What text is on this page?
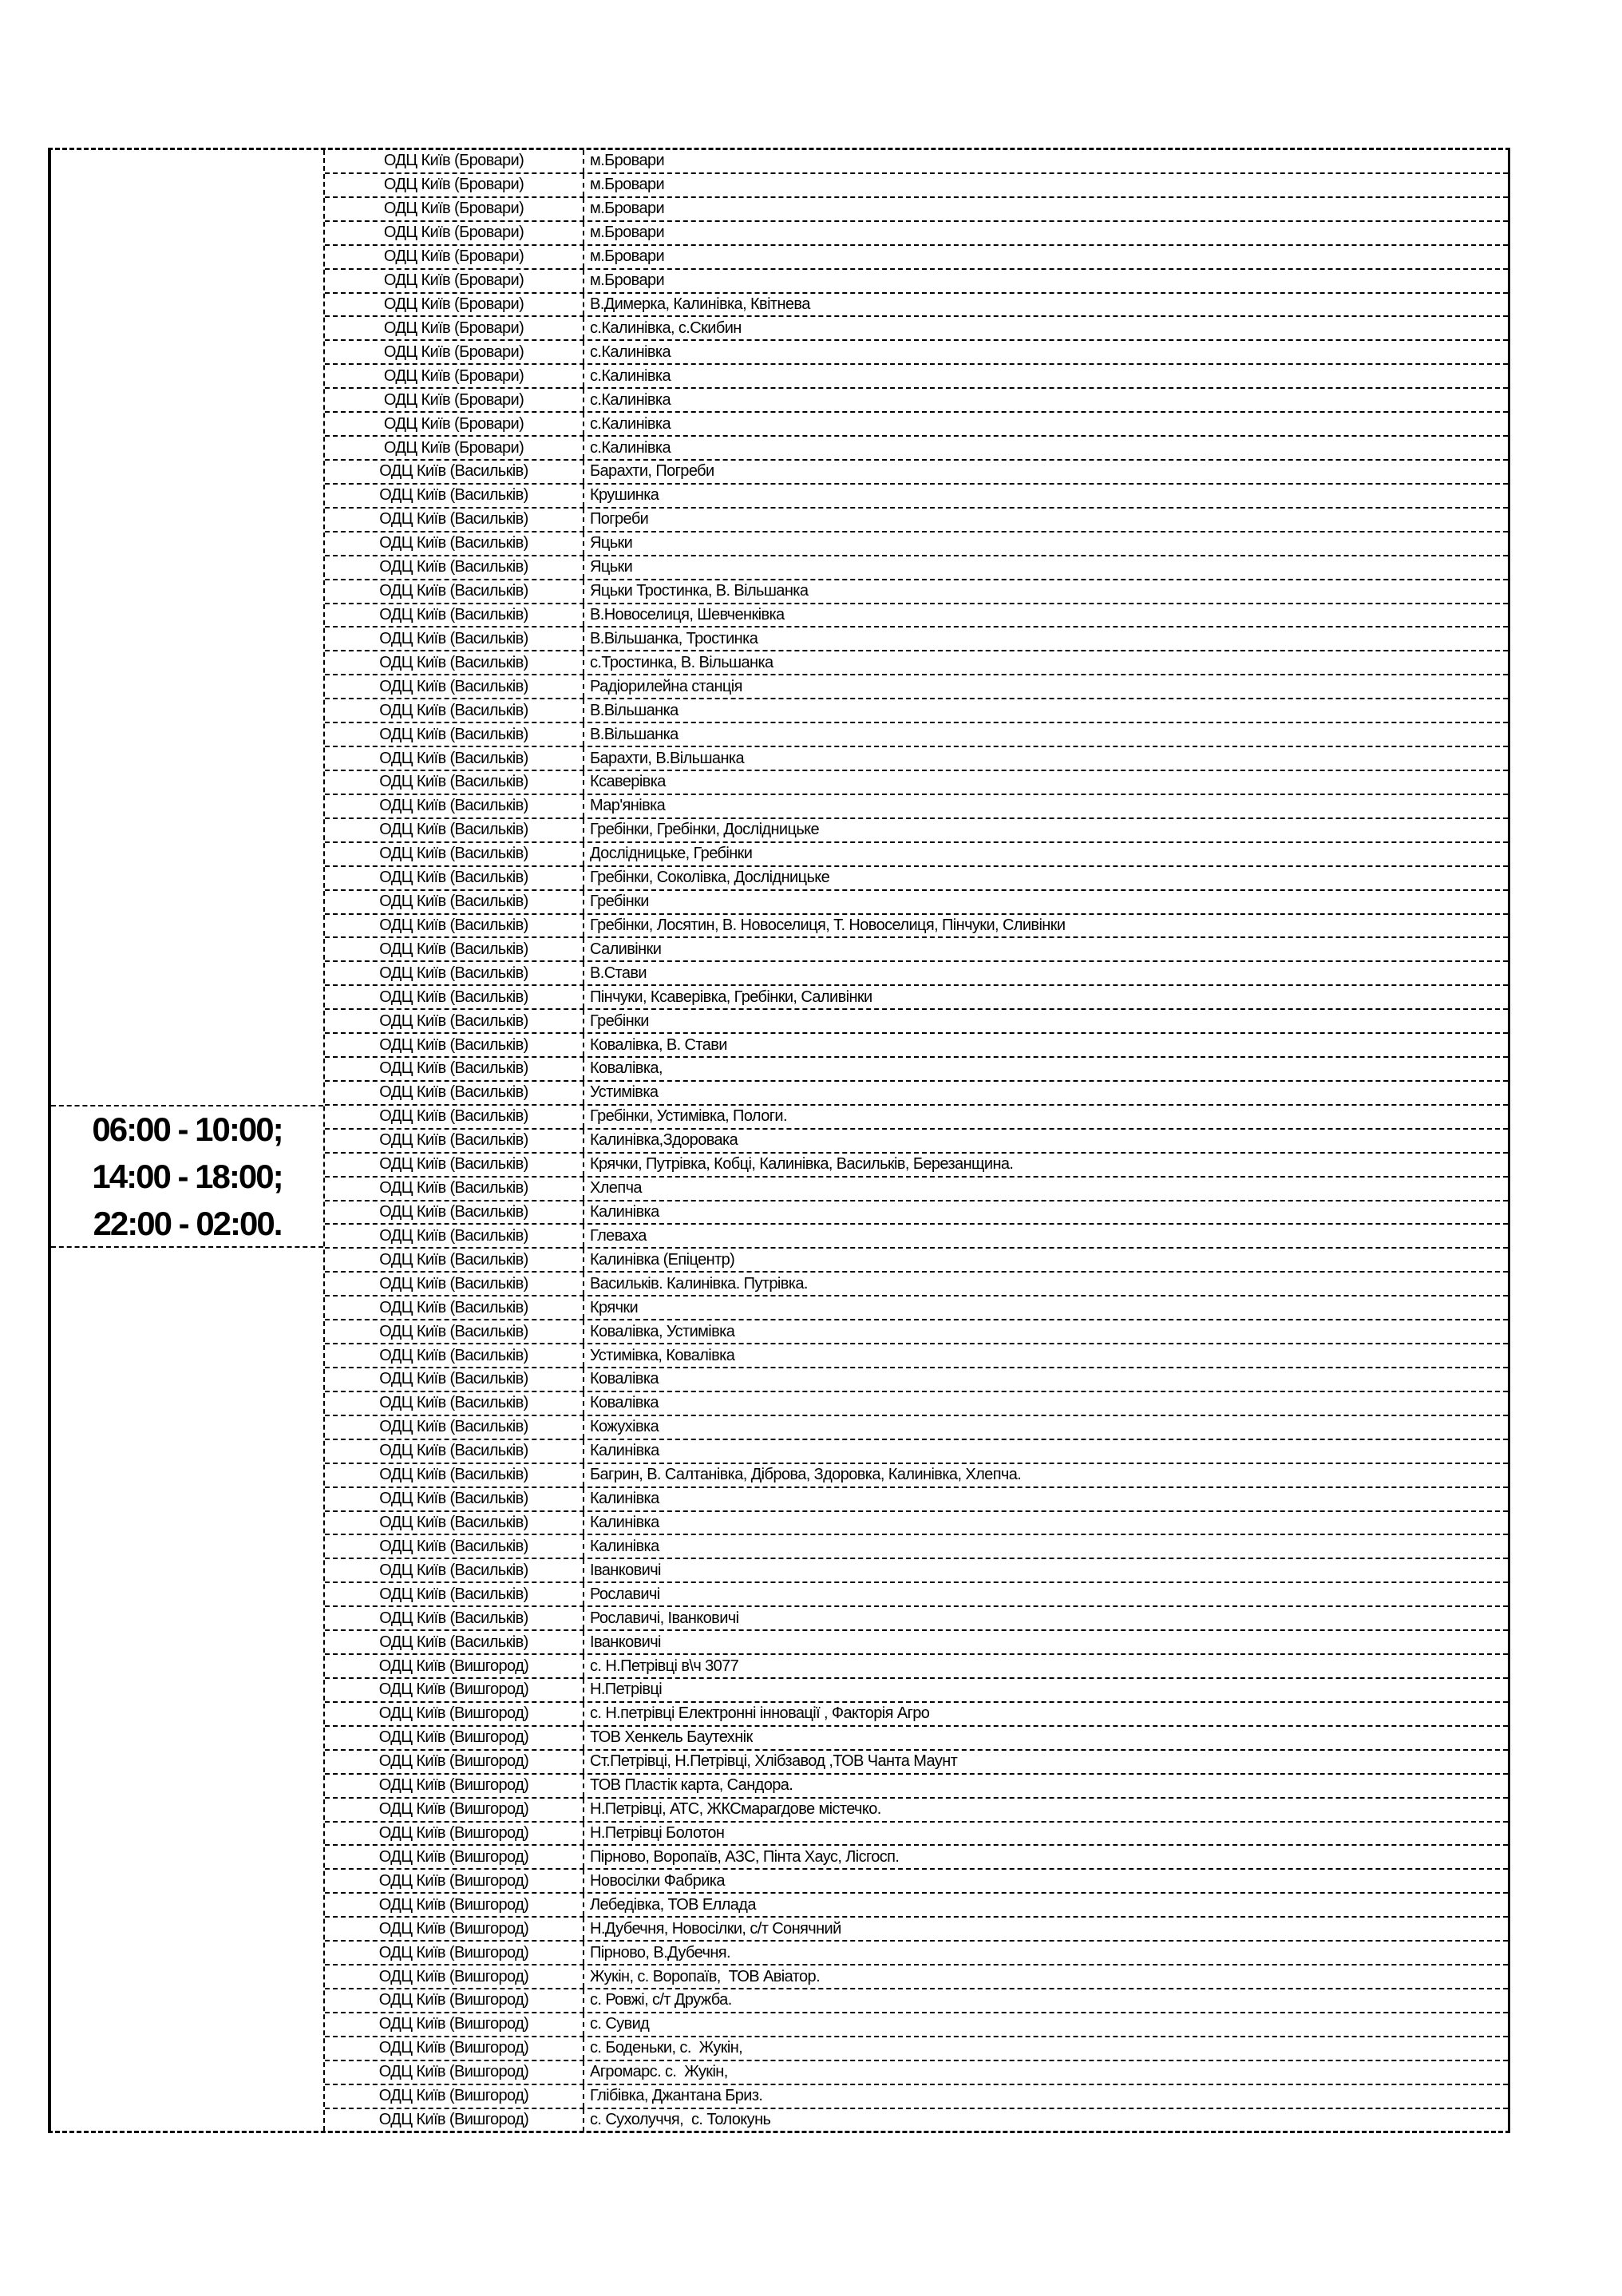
06:00 - 10:00;
14:00 - 18:00;
22:00 - 02:00.
ОДЦ Київ (Бровари)	м.Бровари
ОДЦ Київ (Бровари)	м.Бровари
ОДЦ Київ (Бровари)	м.Бровари
ОДЦ Київ (Бровари)	м.Бровари
ОДЦ Київ (Бровари)	м.Бровари
ОДЦ Київ (Бровари)	м.Бровари
ОДЦ Київ (Бровари)	В.Димерка, Калинівка, Квітнева
ОДЦ Київ (Бровари)	с.Калинівка, с.Скибин
ОДЦ Київ (Бровари)	с.Калинівка
ОДЦ Київ (Бровари)	с.Калинівка
ОДЦ Київ (Бровари)	с.Калинівка
ОДЦ Київ (Бровари)	с.Калинівка
ОДЦ Київ (Бровари)	с.Калинівка
ОДЦ Київ (Васильків)	Барахти, Погреби
ОДЦ Київ (Васильків)	Крушинка
ОДЦ Київ (Васильків)	Погреби
ОДЦ Київ (Васильків)	Яцьки
ОДЦ Київ (Васильків)	Яцьки
ОДЦ Київ (Васильків)	Яцьки Тростинка, В. Вільшанка
ОДЦ Київ (Васильків)	В.Новоселиця, Шевченківка
ОДЦ Київ (Васильків)	В.Вільшанка, Тростинка
ОДЦ Київ (Васильків)	с.Тростинка, В. Вільшанка
ОДЦ Київ (Васильків)	Радіорилейна станція
ОДЦ Київ (Васильків)	В.Вільшанка
ОДЦ Київ (Васильків)	В.Вільшанка
ОДЦ Київ (Васильків)	Барахти, В.Вільшанка
ОДЦ Київ (Васильків)	Ксаверівка
ОДЦ Київ (Васильків)	Мар'янівка
ОДЦ Київ (Васильків)	Гребінки, Гребінки, Дослідницьке
ОДЦ Київ (Васильків)	Дослідницьке, Гребінки
ОДЦ Київ (Васильків)	Гребінки, Соколівка, Дослідницьке
ОДЦ Київ (Васильків)	Гребінки
ОДЦ Київ (Васильків)	Гребінки, Лосятин, В. Новоселиця, Т. Новоселиця, Пінчуки, Сливінки
ОДЦ Київ (Васильків)	Саливінки
ОДЦ Київ (Васильків)	В.Стави
ОДЦ Київ (Васильків)	Пінчуки, Ксаверівка, Гребінки, Саливінки
ОДЦ Київ (Васильків)	Гребінки
ОДЦ Київ (Васильків)	Ковалівка, В. Стави
ОДЦ Київ (Васильків)	Ковалівка,
ОДЦ Київ (Васильків)	Устимівка
ОДЦ Київ (Васильків)	Гребінки, Устимівка, Пологи.
ОДЦ Київ (Васильків)	Калинівка,Здоровака
ОДЦ Київ (Васильків)	Крячки, Путрівка, Кобці, Калинівка, Васильків, Березанщина.
ОДЦ Київ (Васильків)	Хлепча
ОДЦ Київ (Васильків)	Калинівка
ОДЦ Київ (Васильків)	Глеваха
ОДЦ Київ (Васильків)	Калинівка (Епіцентр)
ОДЦ Київ (Васильків)	Васильків. Калинівка. Путрівка.
ОДЦ Київ (Васильків)	Крячки
ОДЦ Київ (Васильків)	Ковалівка, Устимівка
ОДЦ Київ (Васильків)	Устимівка, Ковалівка
ОДЦ Київ (Васильків)	Ковалівка
ОДЦ Київ (Васильків)	Ковалівка
ОДЦ Київ (Васильків)	Кожухівка
ОДЦ Київ (Васильків)	Калинівка
ОДЦ Київ (Васильків)	Багрин, В. Салтанівка, Діброва, Здоровка, Калинівка, Хлепча.
ОДЦ Київ (Васильків)	Калинівка
ОДЦ Київ (Васильків)	Калинівка
ОДЦ Київ (Васильків)	Калинівка
ОДЦ Київ (Васильків)	Іванковичі
ОДЦ Київ (Васильків)	Рославичі
ОДЦ Київ (Васильків)	Рославичі, Іванковичі
ОДЦ Київ (Васильків)	Іванковичі
ОДЦ Київ (Вишгород)	с. Н.Петрівці в\ч 3077
ОДЦ Київ (Вишгород)	Н.Петрівці
ОДЦ Київ (Вишгород)	с. Н.петрівці Електронні інновації , Факторія Агро
ОДЦ Київ (Вишгород)	ТОВ Хенкель Баутехнік
ОДЦ Київ (Вишгород)	Ст.Петрівці, Н.Петрівці, Хлібзавод ,ТОВ Чанта Маунт
ОДЦ Київ (Вишгород)	ТОВ Пластік карта, Сандора.
ОДЦ Київ (Вишгород)	Н.Петрівці, АТС, ЖКСмарагдове містечко.
ОДЦ Київ (Вишгород)	Н.Петрівці Болотон
ОДЦ Київ (Вишгород)	Пірново, Воропаїв, АЗС, Пінта Хаус, Лісгосп.
ОДЦ Київ (Вишгород)	Новосілки Фабрика
ОДЦ Київ (Вишгород)	Лебедівка, ТОВ Еллада
ОДЦ Київ (Вишгород)	Н.Дубечня, Новосілки, с/т Сонячний
ОДЦ Київ (Вишгород)	Пірново, В.Дубечня.
ОДЦ Київ (Вишгород)	Жукін, с. Воропаїв,  ТОВ Авіатор.
ОДЦ Київ (Вишгород)	с. Ровжі, с/т Дружба.
ОДЦ Київ (Вишгород)	с. Сувид
ОДЦ Київ (Вишгород)	с. Боденьки, с.  Жукін,
ОДЦ Київ (Вишгород)	Агромарс. с.  Жукін,
ОДЦ Київ (Вишгород)	Глібівка, Джантана Бриз.
ОДЦ Київ (Вишгород)	с. Сухолуччя,  с. Толокунь
